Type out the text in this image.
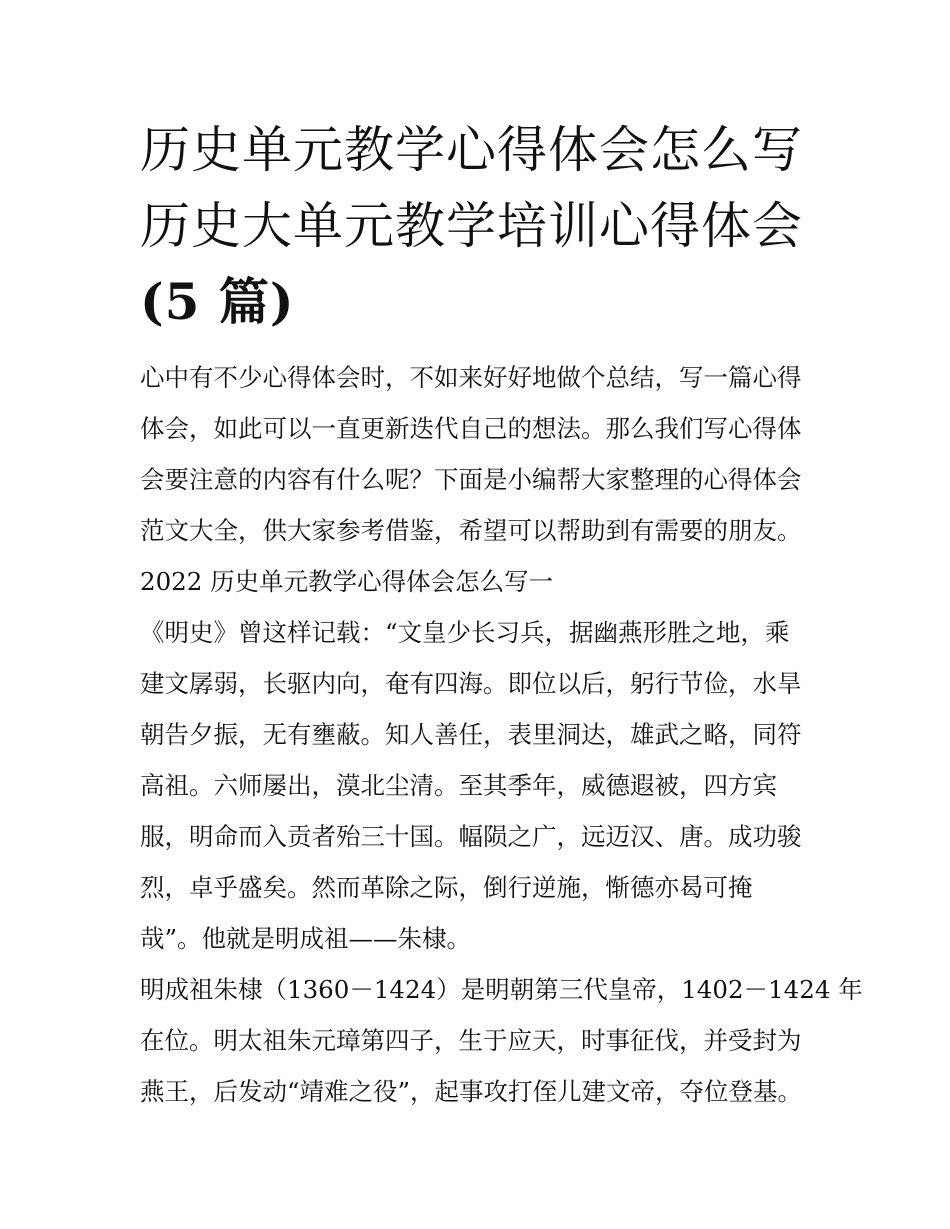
历史单元教学心得体会怎么写
历史大单元教学培训心得体会
(5 篇)
心中有不少心得体会时，不如来好好地做个总结，写一篇心得
体会，如此可以一直更新迭代自己的想法。那么我们写心得体
会要注意的内容有什么呢？下面是小编帮大家整理的心得体会
范文大全，供大家参考借鉴，希望可以帮助到有需要的朋友。
2022 历史单元教学心得体会怎么写一
《明史》曾这样记载：“文皇少长习兵，据幽燕形胜之地，乘
建文孱弱，长驱内向，奄有四海。即位以后，躬行节俭，水旱
朝告夕振，无有壅蔽。知人善任，表里洞达，雄武之略，同符
高祖。六师屡出，漠北尘清。至其季年，威德遐被，四方宾
服，明命而入贡者殆三十国。幅陨之广，远迈汉、唐。成功骏
烈，卓乎盛矣。然而革除之际，倒行逆施，惭德亦曷可掩
哉”。他就是明成祖——朱棣。
明成祖朱棣（1360－1424）是明朝第三代皇帝，1402－1424 年
在位。明太祖朱元璋第四子，生于应天，时事征伐，并受封为
燕王，后发动“靖难之役”，起事攻打侄儿建文帝，夺位登基。
